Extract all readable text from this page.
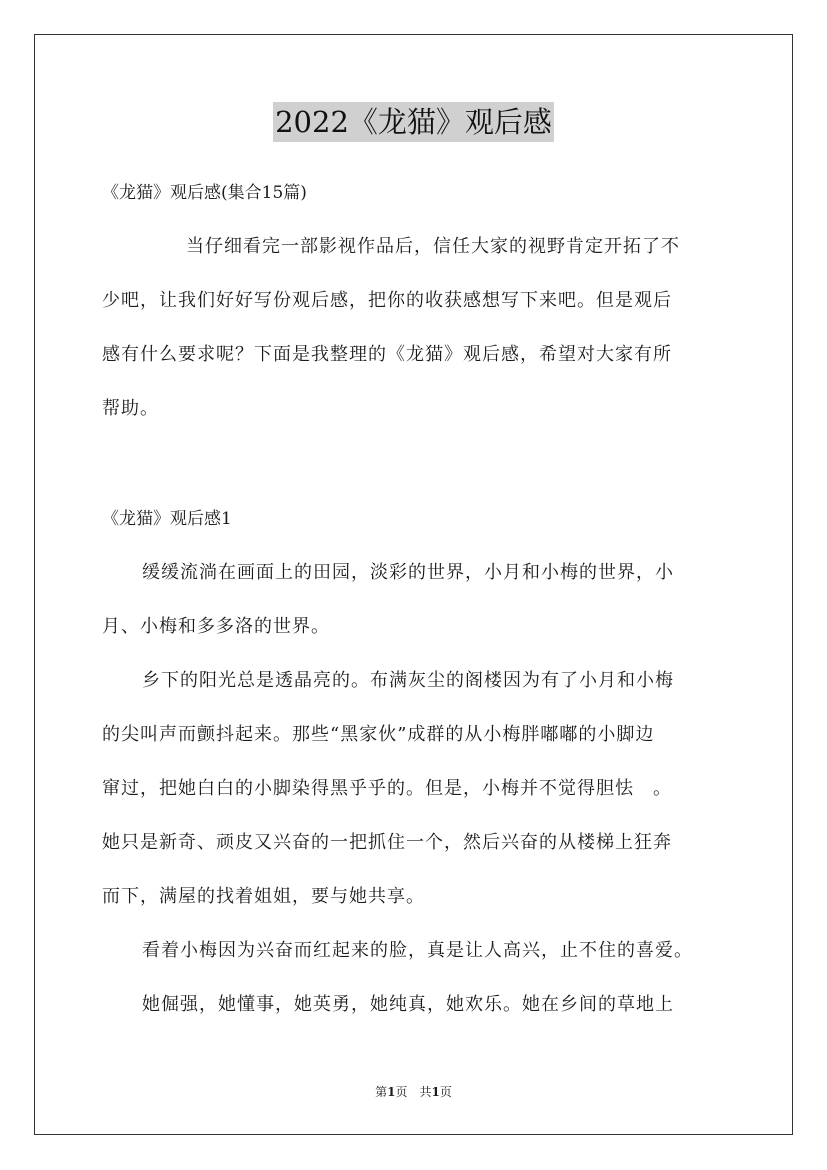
2022《龙猫》观后感
《龙猫》观后感(集合15篇)
当仔细看完一部影视作品后，信任大家的视野肯定开拓了不
少吧，让我们好好写份观后感，把你的收获感想写下来吧。但是观后
感有什么要求呢？下面是我整理的《龙猫》观后感，希望对大家有所
帮助。
《龙猫》观后感1
缓缓流淌在画面上的田园，淡彩的世界，小月和小梅的世界，小
月、小梅和多多洛的世界。
乡下的阳光总是透晶亮的。布满灰尘的阁楼因为有了小月和小梅
的尖叫声而颤抖起来。那些“黑家伙”成群的从小梅胖嘟嘟的小脚边
窜过，把她白白的小脚染得黑乎乎的。但是，小梅并不觉得胆怯　。
她只是新奇、顽皮又兴奋的一把抓住一个，然后兴奋的从楼梯上狂奔
而下，满屋的找着姐姐，要与她共享。
看着小梅因为兴奋而红起来的脸，真是让人高兴，止不住的喜爱。
她倔强，她懂事，她英勇，她纯真，她欢乐。她在乡间的草地上
第1页　共1页
